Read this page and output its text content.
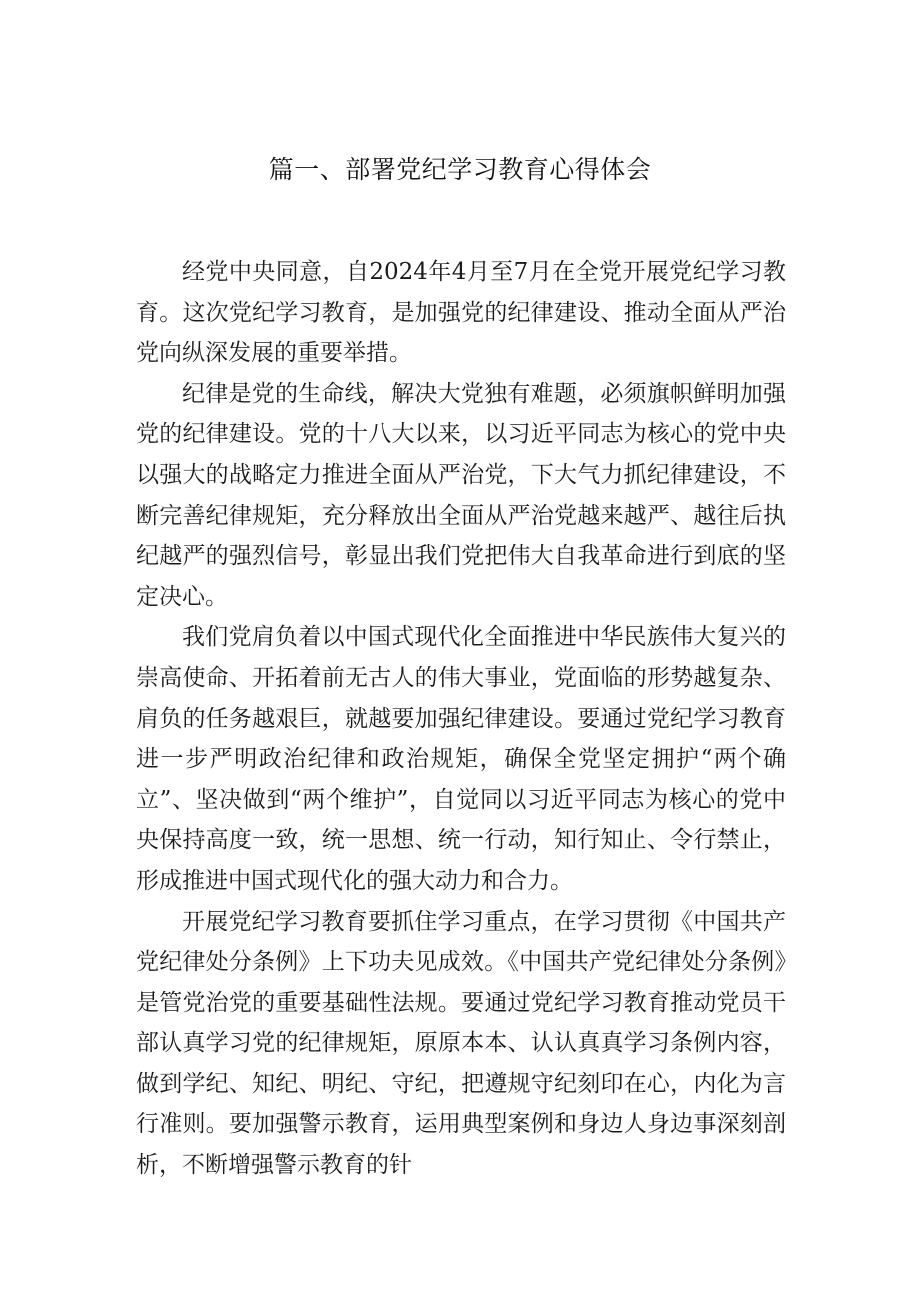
篇一、部署党纪学习教育心得体会

经党中央同意，自2024年4月至7月在全党开展党纪学习教育。这次党纪学习教育，是加强党的纪律建设、推动全面从严治党向纵深发展的重要举措。

纪律是党的生命线，解决大党独有难题，必须旗帜鲜明加强党的纪律建设。党的十八大以来，以习近平同志为核心的党中央以强大的战略定力推进全面从严治党，下大气力抓纪律建设，不断完善纪律规矩，充分释放出全面从严治党越来越严、越往后执纪越严的强烈信号，彰显出我们党把伟大自我革命进行到底的坚定决心。

我们党肩负着以中国式现代化全面推进中华民族伟大复兴的崇高使命、开拓着前无古人的伟大事业，党面临的形势越复杂、肩负的任务越艰巨，就越要加强纪律建设。要通过党纪学习教育进一步严明政治纪律和政治规矩，确保全党坚定拥护“两个确立”、坚决做到“两个维护”，自觉同以习近平同志为核心的党中央保持高度一致，统一思想、统一行动，知行知止、令行禁止，形成推进中国式现代化的强大动力和合力。

开展党纪学习教育要抓住学习重点，在学习贯彻《中国共产党纪律处分条例》上下功夫见成效。《中国共产党纪律处分条例》是管党治党的重要基础性法规。要通过党纪学习教育推动党员干部认真学习党的纪律规矩，原原本本、认认真真学习条例内容，做到学纪、知纪、明纪、守纪，把遵规守纪刻印在心，内化为言行准则。要加强警示教育，运用典型案例和身边人身边事深刻剖析，不断增强警示教育的针
